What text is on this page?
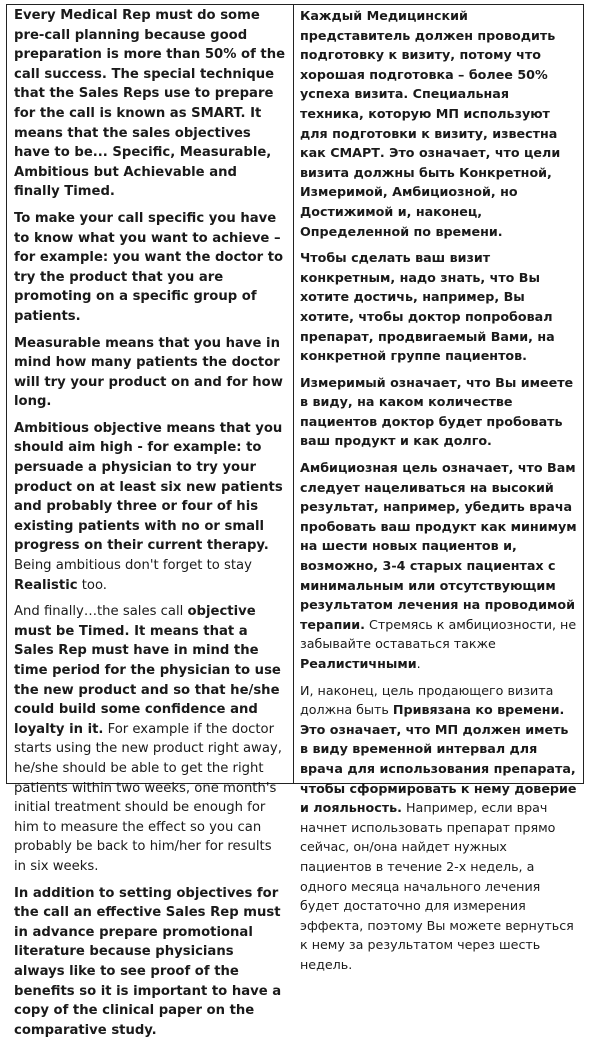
Every Medical Rep must do some pre-call planning because good preparation is more than 50% of the call success. The special technique that the Sales Reps use to prepare for the call is known as SMART. It means that the sales objectives have to be... Specific, Measurable, Ambitious but Achievable and finally Timed.

To make your call specific you have to know what you want to achieve – for example: you want the doctor to try the product that you are promoting on a specific group of patients.

Measurable means that you have in mind how many patients the doctor will try your product on and for how long.

Ambitious objective means that you should aim high - for example: to persuade a physician to try your product on at least six new patients and probably three or four of his existing patients with no or small progress on their current therapy. Being ambitious don't forget to stay Realistic too.

And finally…the sales call objective must be Timed. It means that a Sales Rep must have in mind the time period for the physician to use the new product and so that he/she could build some confidence and loyalty in it. For example if the doctor starts using the new product right away, he/she should be able to get the right patients within two weeks, one month's initial treatment should be enough for him to measure the effect so you can probably be back to him/her for results in six weeks.

In addition to setting objectives for the call an effective Sales Rep must in advance prepare promotional literature because physicians always like to see proof of the benefits so it is important to have a copy of the clinical paper on the comparative study.

Каждый Медицинский представитель должен проводить подготовку к визиту, потому что хорошая подготовка – более 50% успеха визита. Специальная техника, которую МП используют для подготовки к визиту, известна как СМАРТ. Это означает, что цели визита должны быть Конкретной, Измеримой, Амбициозной, но Достижимой и, наконец, Определенной по времени.

Чтобы сделать ваш визит конкретным, надо знать, что Вы хотите достичь, например, Вы хотите, чтобы доктор попробовал препарат, продвигаемый Вами, на конкретной группе пациентов.

Измеримый означает, что Вы имеете в виду, на каком количестве пациентов доктор будет пробовать ваш продукт и как долго.

Амбициозная цель означает, что Вам следует нацеливаться на высокий результат, например, убедить врача пробовать ваш продукт как минимум на шести новых пациентов и, возможно, 3-4 старых пациентах с минимальным или отсутствующим результатом лечения на проводимой терапии. Стремясь к амбициозности, не забывайте оставаться также Реалистичными.

И, наконец, цель продающего визита должна быть Привязана ко времени. Это означает, что МП должен иметь в виду временной интервал для врача для использования препарата, чтобы сформировать к нему доверие и лояльность. Например, если врач начнет использовать препарат прямо сейчас, он/она найдет нужных пациентов в течение 2-х недель, а одного месяца начального лечения будет достаточно для измерения эффекта, поэтому Вы можете вернуться к нему за результатом через шесть недель.
